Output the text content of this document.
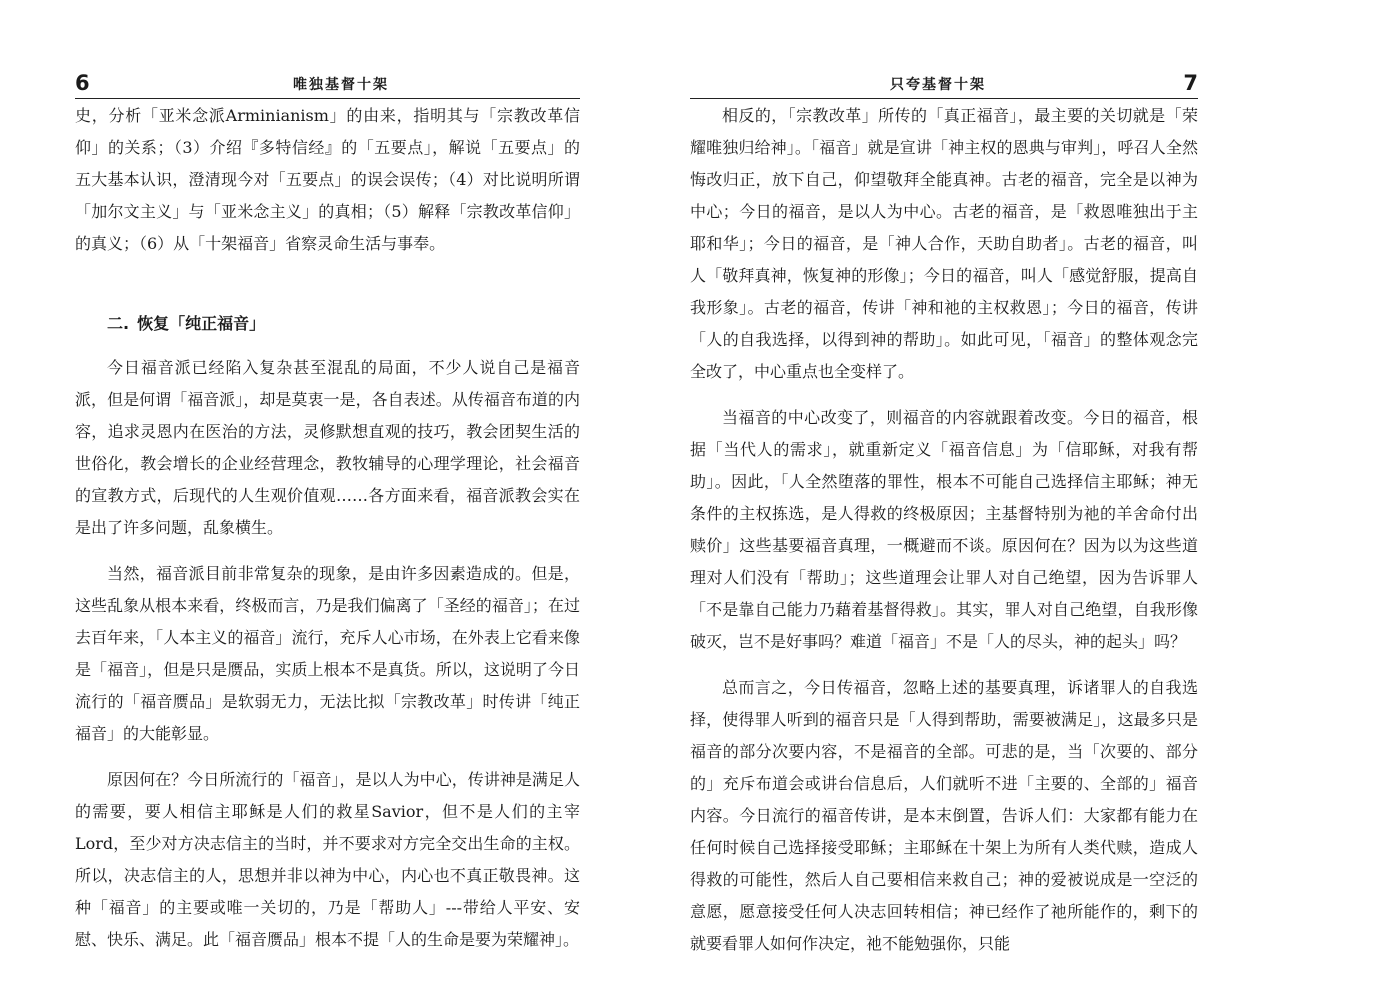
6	唯独基督十架

史，分析「亚米念派Arminianism」的由来，指明其与「宗教改革信仰」的关系；（3）介绍『多特信经』的「五要点」，解说「五要点」的五大基本认识，澄清现今对「五要点」的误会误传；（4）对比说明所谓「加尔文主义」与「亚米念主义」的真相；（5）解释「宗教改革信仰」的真义；（6）从「十架福音」省察灵命生活与事奉。

二. 恢复「纯正福音」

今日福音派已经陷入复杂甚至混乱的局面，不少人说自己是福音派，但是何谓「福音派」，却是莫衷一是，各自表述。从传福音布道的内容，追求灵恩内在医治的方法，灵修默想直观的技巧，教会团契生活的世俗化，教会增长的企业经营理念，教牧辅导的心理学理论，社会福音的宣教方式，后现代的人生观价值观……各方面来看，福音派教会实在是出了许多问题，乱象横生。

当然，福音派目前非常复杂的现象，是由许多因素造成的。但是，这些乱象从根本来看，终极而言，乃是我们偏离了「圣经的福音」；在过去百年来，「人本主义的福音」流行，充斥人心市场，在外表上它看来像是「福音」，但是只是赝品，实质上根本不是真货。所以，这说明了今日流行的「福音赝品」是软弱无力，无法比拟「宗教改革」时传讲「纯正福音」的大能彰显。

原因何在？今日所流行的「福音」，是以人为中心，传讲神是满足人的需要，要人相信主耶稣是人们的救星Savior，但不是人们的主宰Lord，至少对方决志信主的当时，并不要求对方完全交出生命的主权。所以，决志信主的人，思想并非以神为中心，内心也不真正敬畏神。这种「福音」的主要或唯一关切的，乃是「帮助人」---带给人平安、安慰、快乐、满足。此「福音赝品」根本不提「人的生命是要为荣耀神」。

只夸基督十架	7

相反的，「宗教改革」所传的「真正福音」，最主要的关切就是「荣耀唯独归给神」。「福音」就是宣讲「神主权的恩典与审判」，呼召人全然悔改归正，放下自己，仰望敬拜全能真神。古老的福音，完全是以神为中心；今日的福音，是以人为中心。古老的福音，是「救恩唯独出于主耶和华」；今日的福音，是「神人合作，天助自助者」。古老的福音，叫人「敬拜真神，恢复神的形像」；今日的福音，叫人「感觉舒服，提高自我形象」。古老的福音，传讲「神和祂的主权救恩」；今日的福音，传讲「人的自我选择，以得到神的帮助」。如此可见，「福音」的整体观念完全改了，中心重点也全变样了。

当福音的中心改变了，则福音的内容就跟着改变。今日的福音，根据「当代人的需求」，就重新定义「福音信息」为「信耶稣，对我有帮助」。因此，「人全然堕落的罪性，根本不可能自己选择信主耶稣；神无条件的主权拣选，是人得救的终极原因；主基督特别为祂的羊舍命付出赎价」这些基要福音真理，一概避而不谈。原因何在？因为以为这些道理对人们没有「帮助」；这些道理会让罪人对自己绝望，因为告诉罪人「不是靠自己能力乃藉着基督得救」。其实，罪人对自己绝望，自我形像破灭，岂不是好事吗？难道「福音」不是「人的尽头，神的起头」吗？

总而言之，今日传福音，忽略上述的基要真理，诉诸罪人的自我选择，使得罪人听到的福音只是「人得到帮助，需要被满足」，这最多只是福音的部分次要内容，不是福音的全部。可悲的是，当「次要的、部分的」充斥布道会或讲台信息后，人们就听不进「主要的、全部的」福音内容。今日流行的福音传讲，是本末倒置，告诉人们：大家都有能力在任何时候自己选择接受耶稣；主耶稣在十架上为所有人类代赎，造成人得救的可能性，然后人自己要相信来救自己；神的爱被说成是一空泛的意愿，愿意接受任何人决志回转相信；神已经作了祂所能作的，剩下的就要看罪人如何作决定，祂不能勉强你，只能
